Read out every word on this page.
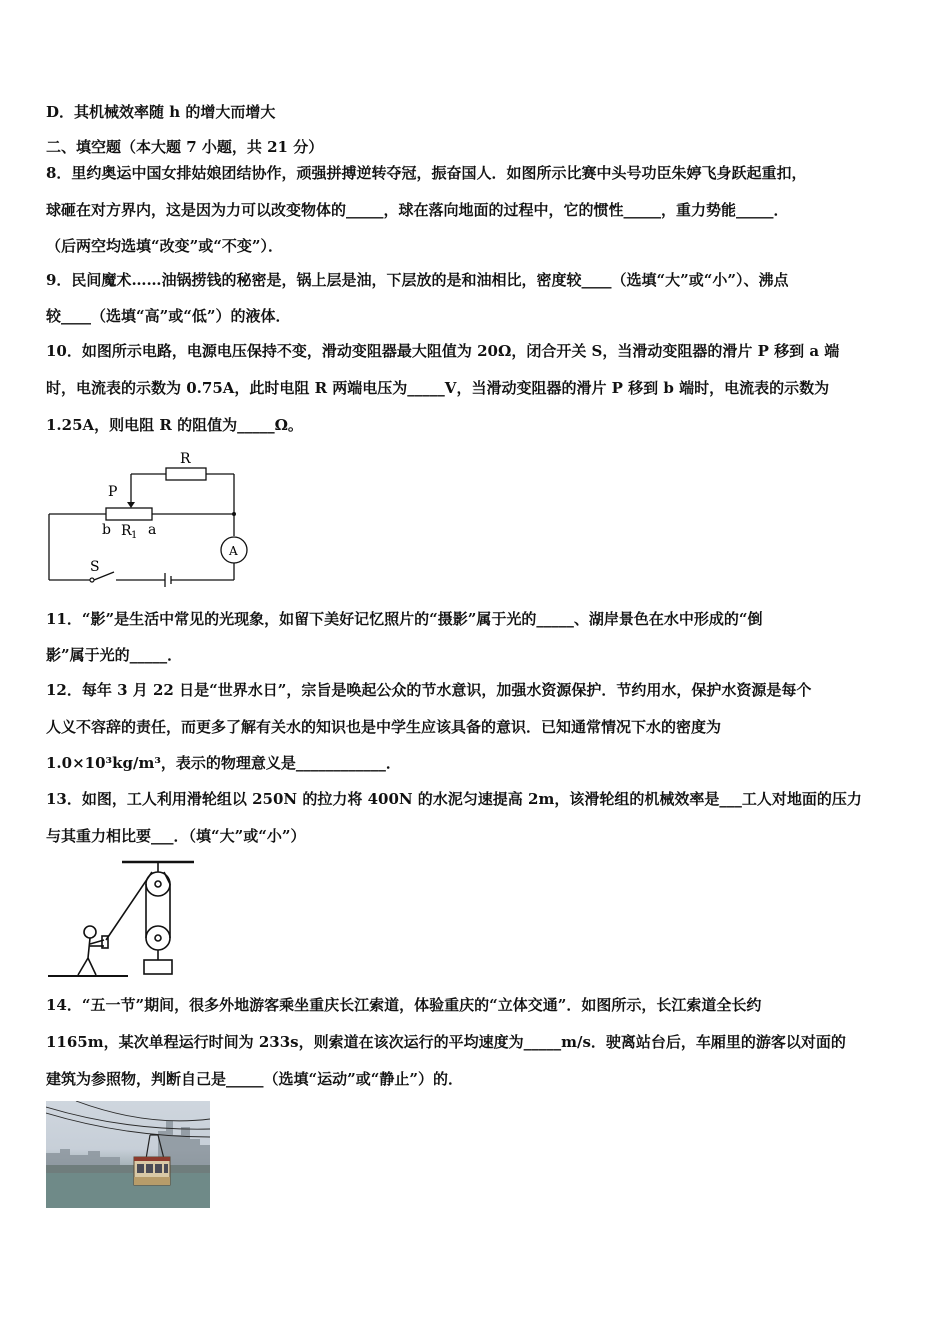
D．其机械效率随 h 的增大而增大
二、填空题（本大题 7 小题，共 21 分）
8．里约奥运中国女排姑娘团结协作，顽强拼搏逆转夺冠，振奋国人．如图所示比赛中头号功臣朱婷飞身跃起重扣，
球砸在对方界内，这是因为力可以改变物体的_____，球在落向地面的过程中，它的惯性_____，重力势能_____．
（后两空均选填“改变”或“不变”）．
9．民间魔术……油锅捞钱的秘密是，锅上层是油，下层放的是和油相比，密度较____（选填“大”或“小”）、沸点
较____（选填“高”或“低”）的液体．
10．如图所示电路，电源电压保持不变，滑动变阻器最大阻值为 20Ω，闭合开关 S，当滑动变阻器的滑片 P 移到 a 端
时，电流表的示数为 0.75A，此时电阻 R 两端电压为_____V，当滑动变阻器的滑片 P 移到 b 端时，电流表的示数为
1.25A，则电阻 R 的阻值为_____Ω。
R
P
b R 1 a
A
S
11．“影”是生活中常见的光现象，如留下美好记忆照片的“摄影”属于光的_____、湖岸景色在水中形成的“倒
影”属于光的_____．
12．每年 3 月 22 日是“世界水日”，宗旨是唤起公众的节水意识，加强水资源保护．节约用水，保护水资源是每个
人义不容辞的责任，而更多了解有关水的知识也是中学生应该具备的意识．已知通常情况下水的密度为
1.0×10³kg/m³，表示的物理意义是____________．
13．如图，工人利用滑轮组以 250N 的拉力将 400N 的水泥匀速提高 2m，该滑轮组的机械效率是___工人对地面的压力
与其重力相比要___．（填“大”或“小”）
14．“五一节”期间，很多外地游客乘坐重庆长江索道，体验重庆的“立体交通”．如图所示，长江索道全长约
1165m，某次单程运行时间为 233s，则索道在该次运行的平均速度为_____m/s．驶离站台后，车厢里的游客以对面的
建筑为参照物，判断自己是_____（选填“运动”或“静止”）的．
